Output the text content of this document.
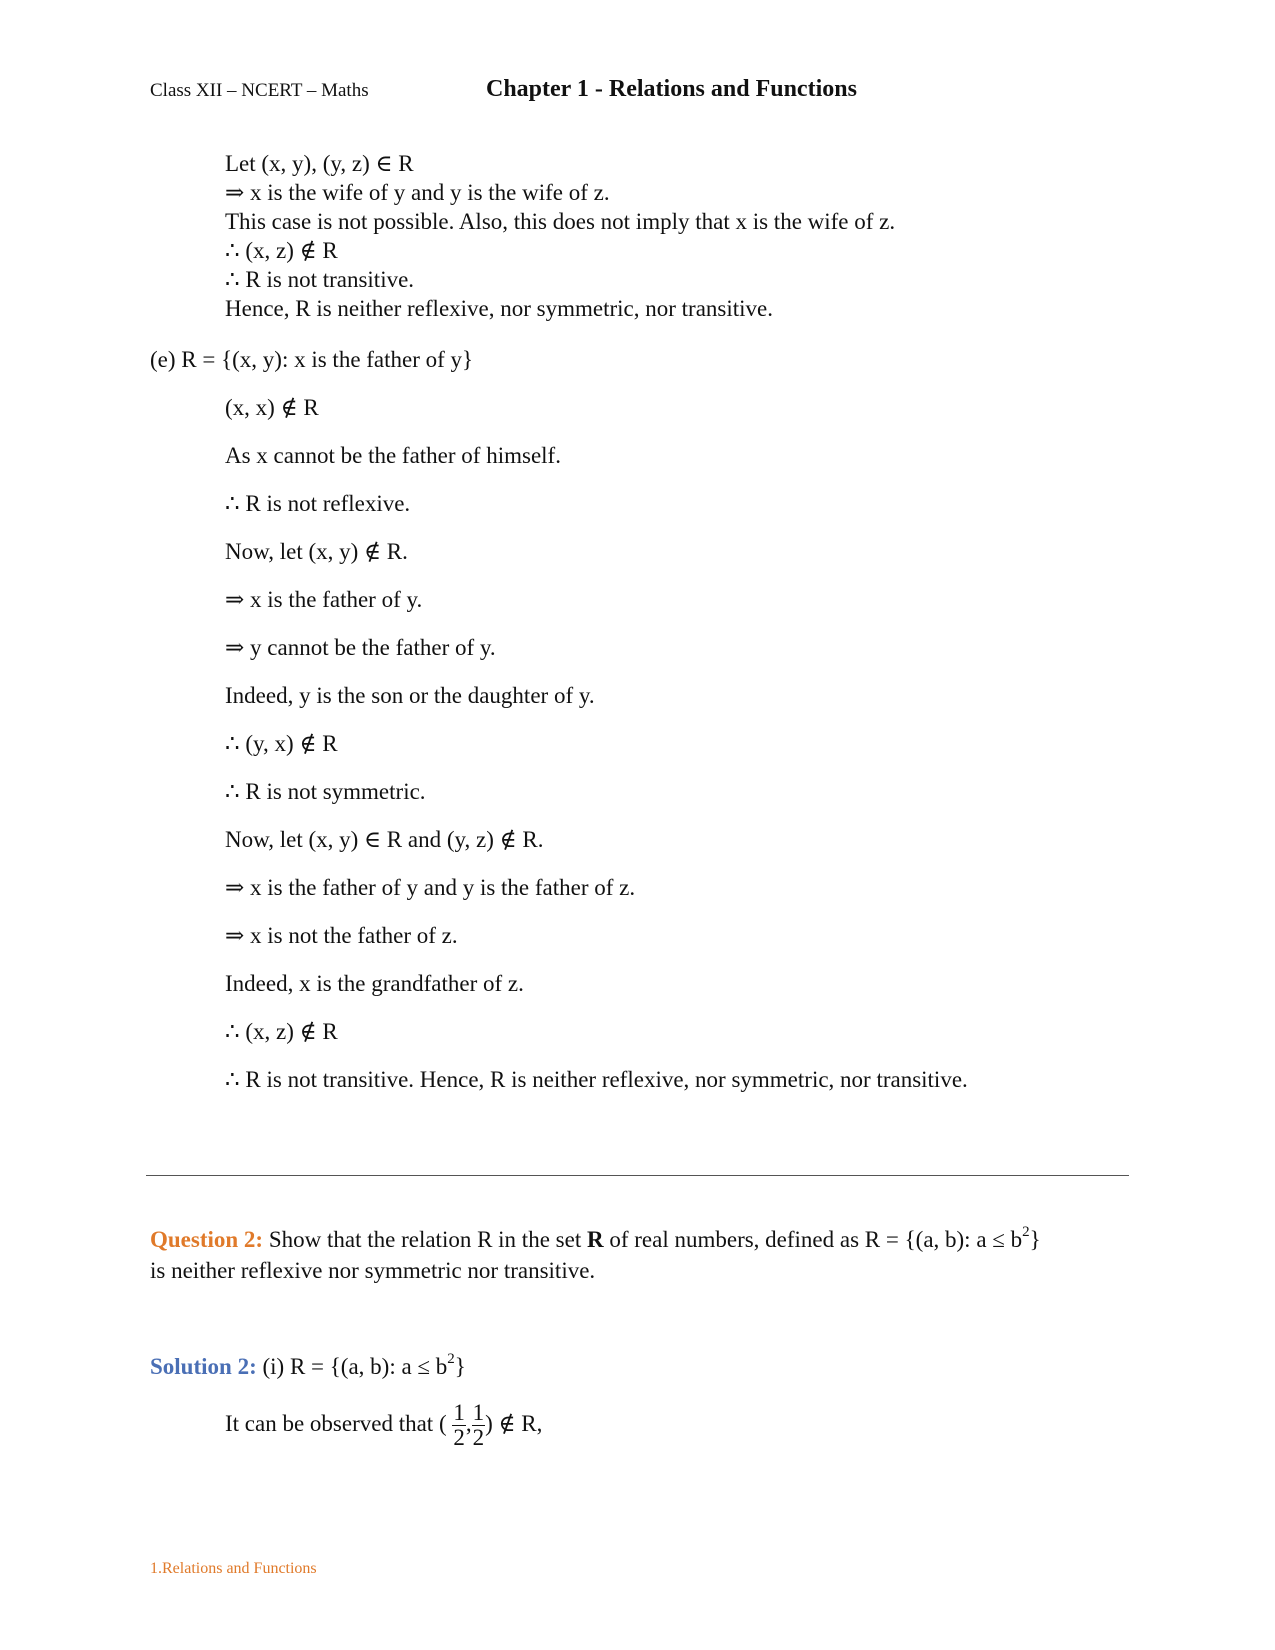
Class XII – NCERT – Maths	Chapter 1 - Relations and Functions
Let (x, y), (y, z) ∈ R
⇒ x is the wife of y and y is the wife of z.
This case is not possible. Also, this does not imply that x is the wife of z.
∴ (x, z) ∉ R
∴ R is not transitive.
Hence, R is neither reflexive, nor symmetric, nor transitive.
(e) R = {(x, y): x is the father of y}
(x, x) ∉ R
As x cannot be the father of himself.
∴ R is not reflexive.
Now, let (x, y) ∉ R.
⇒ x is the father of y.
⇒ y cannot be the father of y.
Indeed, y is the son or the daughter of y.
∴ (y, x) ∉ R
∴ R is not symmetric.
Now, let (x, y) ∈ R and (y, z) ∉ R.
⇒ x is the father of y and y is the father of z.
⇒ x is not the father of z.
Indeed, x is the grandfather of z.
∴ (x, z) ∉ R
∴ R is not transitive. Hence, R is neither reflexive, nor symmetric, nor transitive.
Question 2: Show that the relation R in the set R of real numbers, defined as R = {(a, b): $a \le b^2$}
is neither reflexive nor symmetric nor transitive.
Solution 2: (i) R = {(a, b): $a \le b^2$}
It can be observed that ( $\frac{1}{2}$ , $\frac{1}{2}$ ) ∉ R,
1.Relations and Functions
